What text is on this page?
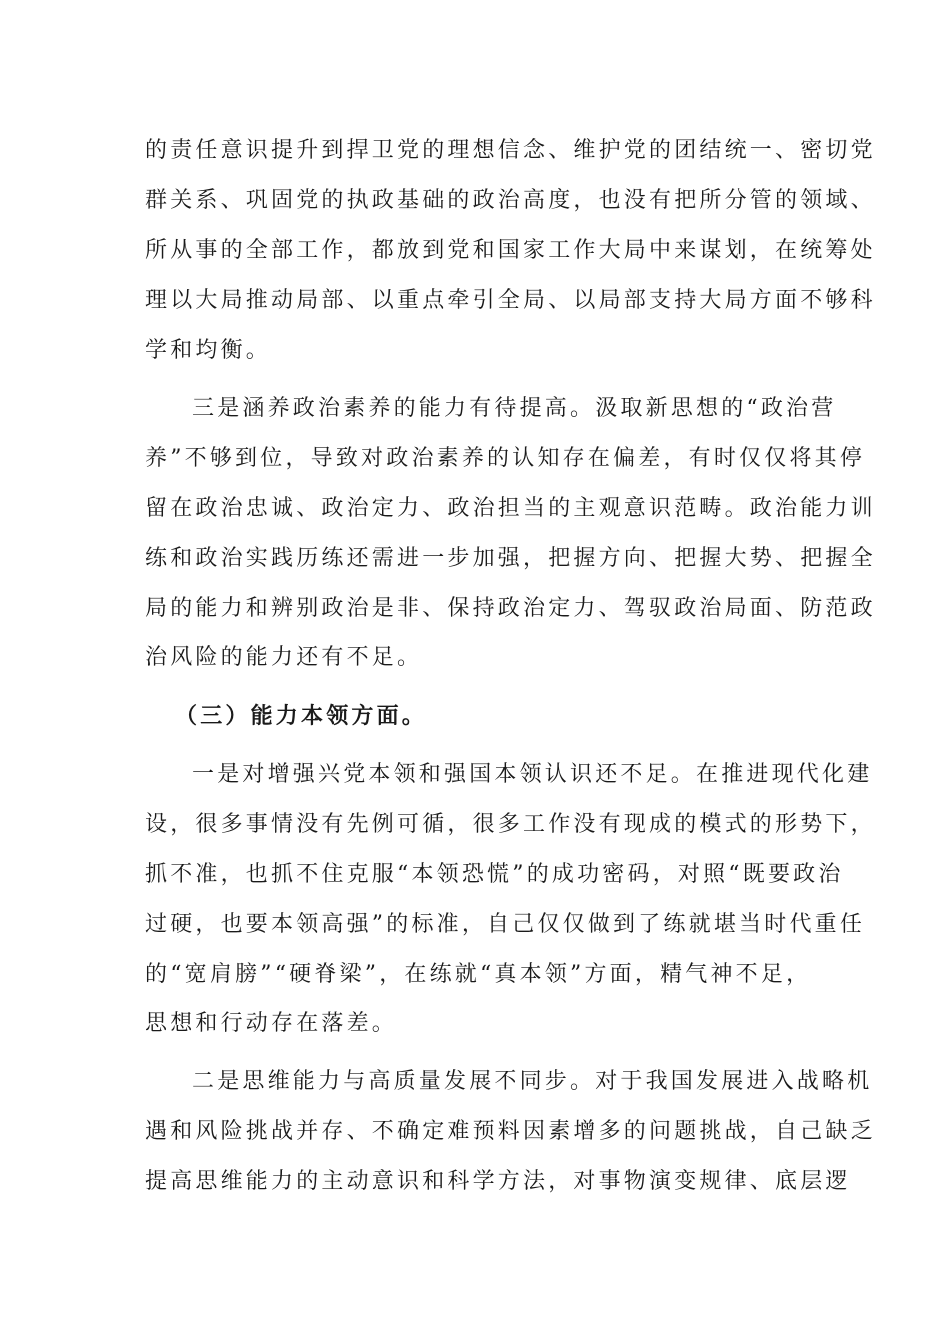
的责任意识提升到捍卫党的理想信念、维护党的团结统一、密切党
群关系、巩固党的执政基础的政治高度，也没有把所分管的领域、
所从事的全部工作，都放到党和国家工作大局中来谋划，在统筹处
理以大局推动局部、以重点牵引全局、以局部支持大局方面不够科
学和均衡。
三是涵养政治素养的能力有待提高。汲取新思想的“政治营
养”不够到位，导致对政治素养的认知存在偏差，有时仅仅将其停
留在政治忠诚、政治定力、政治担当的主观意识范畴。政治能力训
练和政治实践历练还需进一步加强，把握方向、把握大势、把握全
局的能力和辨别政治是非、保持政治定力、驾驭政治局面、防范政
治风险的能力还有不足。
（三）能力本领方面。
一是对增强兴党本领和强国本领认识还不足。在推进现代化建
设，很多事情没有先例可循，很多工作没有现成的模式的形势下，
抓不准，也抓不住克服“本领恐慌”的成功密码，对照“既要政治
过硬，也要本领高强”的标准，自己仅仅做到了练就堪当时代重任
的“宽肩膀”“硬脊梁”，在练就“真本领”方面，精气神不足，
思想和行动存在落差。
二是思维能力与高质量发展不同步。对于我国发展进入战略机
遇和风险挑战并存、不确定难预料因素增多的问题挑战，自己缺乏
提高思维能力的主动意识和科学方法，对事物演变规律、底层逻
